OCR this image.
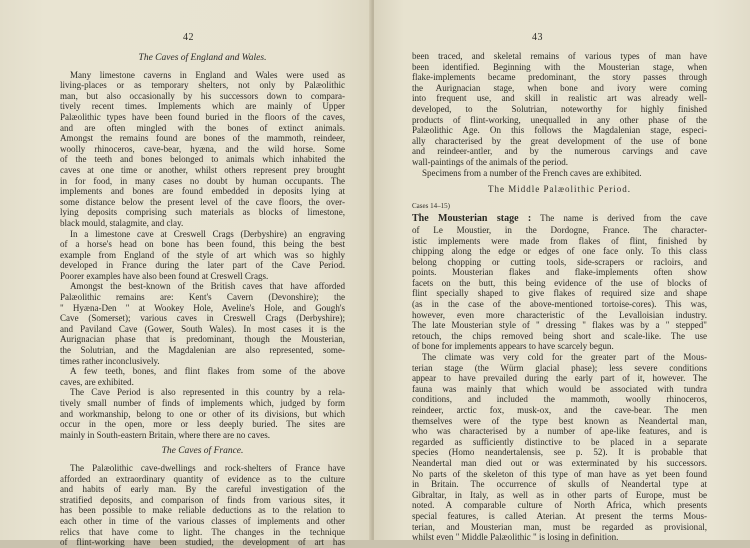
42
The Caves of England and Wales.
Many limestone caverns in England and Wales were used as
living-places or as temporary shelters, not only by Palæolithic
man, but also occasionally by his successors down to compara-
tively recent times. Implements which are mainly of Upper
Palæolithic types have been found buried in the floors of the caves,
and are often mingled with the bones of extinct animals.
Amongst the remains found are bones of the mammoth, reindeer,
woolly rhinoceros, cave-bear, hyæna, and the wild horse. Some
of the teeth and bones belonged to animals which inhabited the
caves at one time or another, whilst others represent prey brought
in for food, in many cases no doubt by human occupants. The
implements and bones are found embedded in deposits lying at
some distance below the present level of the cave floors, the over-
lying deposits comprising such materials as blocks of limestone,
black mould, stalagmite, and clay.
In a limestone cave at Creswell Crags (Derbyshire) an engraving
of a horse's head on bone has been found, this being the best
example from England of the style of art which was so highly
developed in France during the later part of the Cave Period.
Poorer examples have also been found at Creswell Crags.
Amongst the best-known of the British caves that have afforded
Palæolithic remains are: Kent's Cavern (Devonshire); the
" Hyæna-Den " at Wookey Hole, Aveline's Hole, and Gough's
Cave (Somerset); various caves in Creswell Crags (Derbyshire);
and Paviland Cave (Gower, South Wales). In most cases it is the
Aurignacian phase that is predominant, though the Mousterian,
the Solutrian, and the Magdalenian are also represented, some-
times rather inconclusively.
A few teeth, bones, and flint flakes from some of the above
caves, are exhibited.
The Cave Period is also represented in this country by a rela-
tively small number of finds of implements which, judged by form
and workmanship, belong to one or other of its divisions, but which
occur in the open, more or less deeply buried. The sites are
mainly in South-eastern Britain, where there are no caves.
The Caves of France.
The Palæolithic cave-dwellings and rock-shelters of France have
afforded an extraordinary quantity of evidence as to the culture
and habits of early man. By the careful investigation of the
stratified deposits, and comparison of finds from various sites, it
has been possible to make reliable deductions as to the relation to
each other in time of the various classes of implements and other
relics that have come to light. The changes in the technique
of flint-working have been studied, the development of art has
43
been traced, and skeletal remains of various types of man have
been identified. Beginning with the Mousterian stage, when
flake-implements became predominant, the story passes through
the Aurignacian stage, when bone and ivory were coming
into frequent use, and skill in realistic art was already well-
developed, to the Solutrian, noteworthy for highly finished
products of flint-working, unequalled in any other phase of the
Palæolithic Age. On this follows the Magdalenian stage, especi-
ally characterised by the great development of the use of bone
and reindeer-antler, and by the numerous carvings and cave
wall-paintings of the animals of the period.
Specimens from a number of the French caves are exhibited.
The Middle Palæolithic Period.
Cases 14–15)
The Mousterian stage : The name is derived from the cave
of Le Moustier, in the Dordogne, France. The character-
istic implements were made from flakes of flint, finished by
chipping along the edge or edges of one face only. To this class
belong chopping or cutting tools, side-scrapers or racloirs, and
points. Mousterian flakes and flake-implements often show
facets on the butt, this being evidence of the use of blocks of
flint specially shaped to give flakes of required size and shape
(as in the case of the above-mentioned tortoise-cores). This was,
however, even more characteristic of the Levalloisian industry.
The late Mousterian style of " dressing " flakes was by a " stepped"
retouch, the chips removed being short and scale-like. The use
of bone for implements appears to have scarcely begun.
The climate was very cold for the greater part of the Mous-
terian stage (the Würm glacial phase); less severe conditions
appear to have prevailed during the early part of it, however. The
fauna was mainly that which would be associated with tundra
conditions, and included the mammoth, woolly rhinoceros,
reindeer, arctic fox, musk-ox, and the cave-bear. The men
themselves were of the type best known as Neandertal man,
who was characterised by a number of ape-like features, and is
regarded as sufficiently distinctive to be placed in a separate
species (Homo neandertalensis, see p. 52). It is probable that
Neandertal man died out or was exterminated by his successors.
No parts of the skeleton of this type of man have as yet been found
in Britain. The occurrence of skulls of Neandertal type at
Gibraltar, in Italy, as well as in other parts of Europe, must be
noted. A comparable culture of North Africa, which presents
special features, is called Aterian. At present the terms Mous-
terian, and Mousterian man, must be regarded as provisional,
whilst even " Middle Palæolithic " is losing in definition.
